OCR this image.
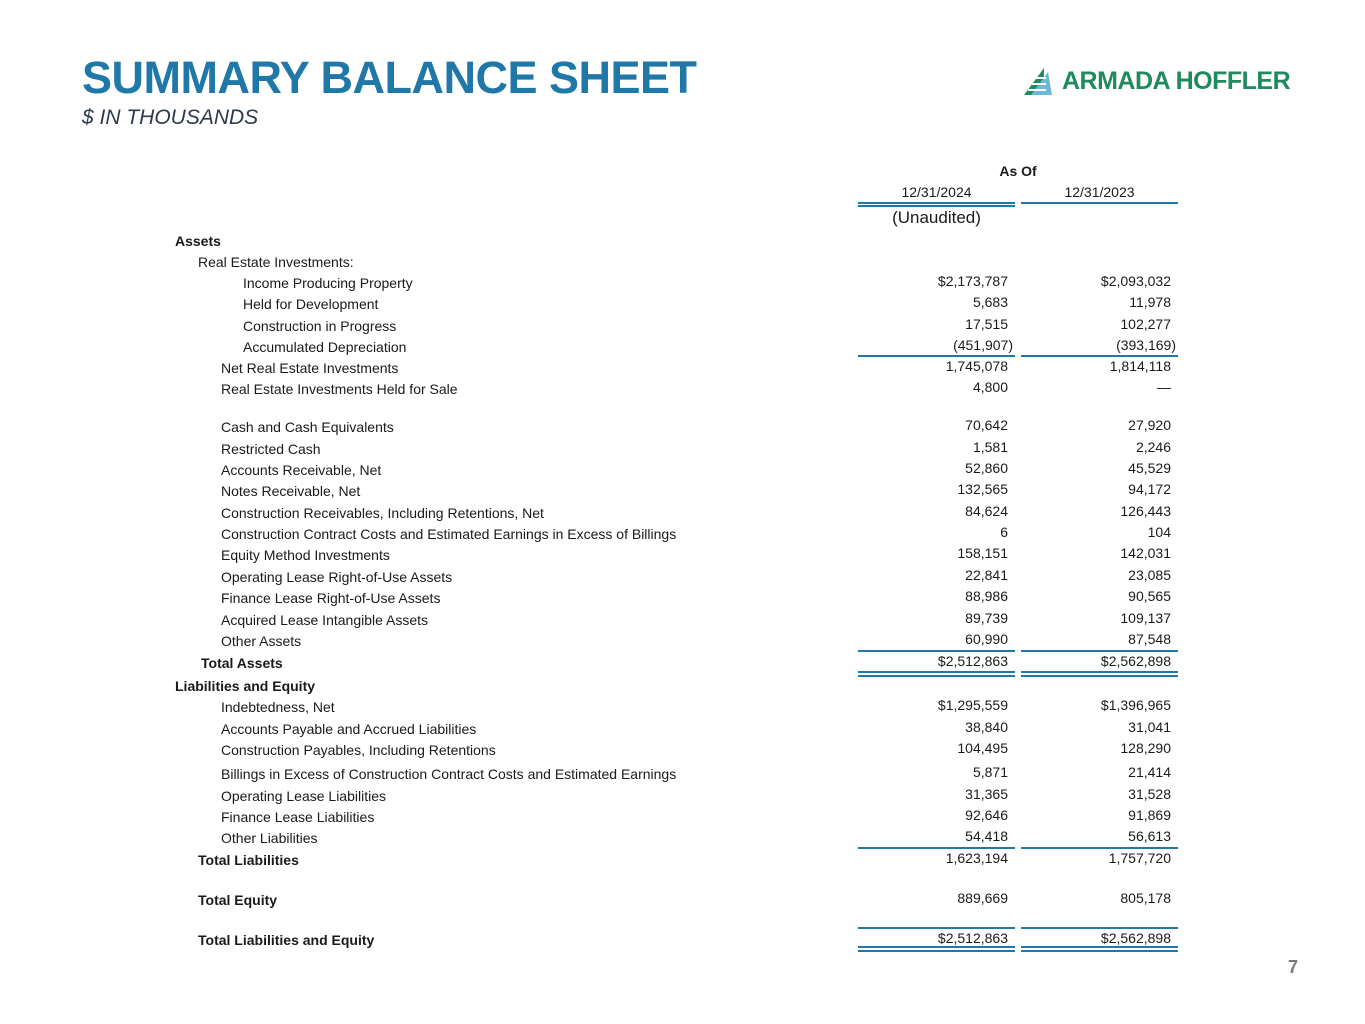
SUMMARY BALANCE SHEET
$ IN THOUSANDS
ARMADA HOFFLER
As Of
12/31/2024	12/31/2023
(Unaudited)
Assets
Real Estate Investments:
Income Producing Property	$2,173,787	$2,093,032
Held for Development	5,683	11,978
Construction in Progress	17,515	102,277
Accumulated Depreciation	(451,907)	(393,169)
Net Real Estate Investments	1,745,078	1,814,118
Real Estate Investments Held for Sale	4,800	—
Cash and Cash Equivalents	70,642	27,920
Restricted Cash	1,581	2,246
Accounts Receivable, Net	52,860	45,529
Notes Receivable, Net	132,565	94,172
Construction Receivables, Including Retentions, Net	84,624	126,443
Construction Contract Costs and Estimated Earnings in Excess of Billings	6	104
Equity Method Investments	158,151	142,031
Operating Lease Right-of-Use Assets	22,841	23,085
Finance Lease Right-of-Use Assets	88,986	90,565
Acquired Lease Intangible Assets	89,739	109,137
Other Assets	60,990	87,548
Total Assets	$2,512,863	$2,562,898
Liabilities and Equity
Indebtedness, Net	$1,295,559	$1,396,965
Accounts Payable and Accrued Liabilities	38,840	31,041
Construction Payables, Including Retentions	104,495	128,290
Billings in Excess of Construction Contract Costs and Estimated Earnings	5,871	21,414
Operating Lease Liabilities	31,365	31,528
Finance Lease Liabilities	92,646	91,869
Other Liabilities	54,418	56,613
Total Liabilities	1,623,194	1,757,720
Total Equity	889,669	805,178
Total Liabilities and Equity	$2,512,863	$2,562,898
7
